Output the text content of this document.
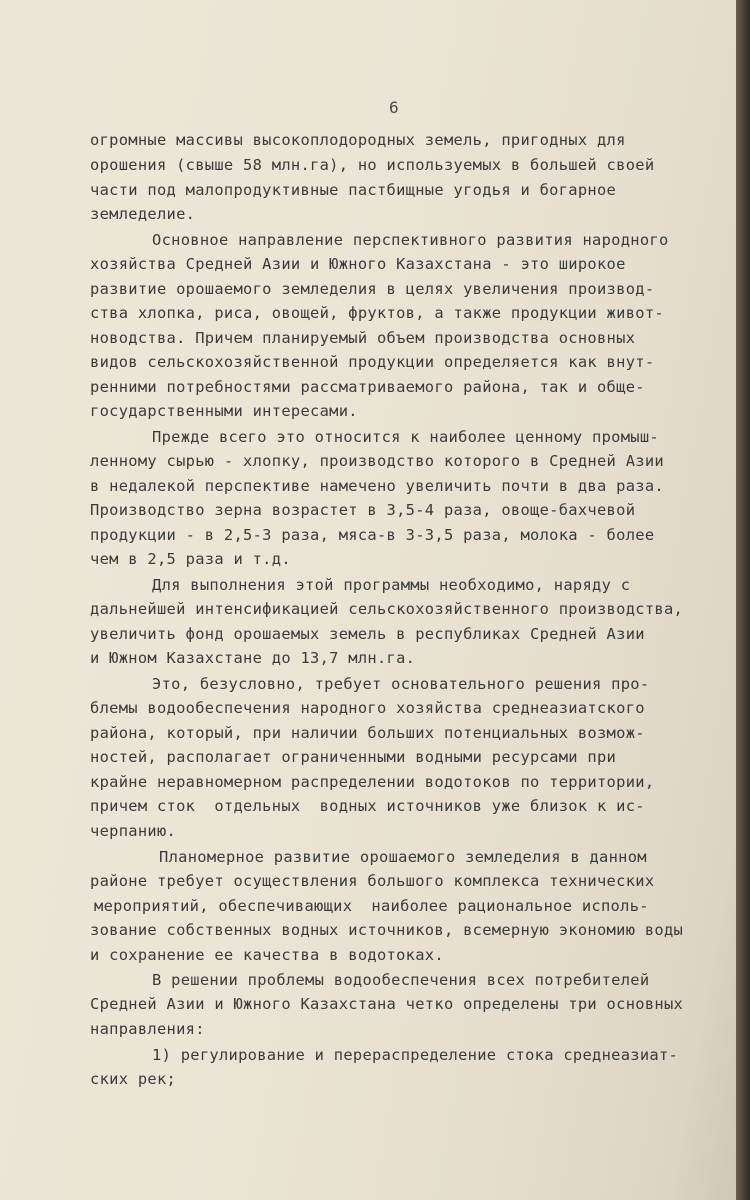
6
огромные массивы высокоплодородных земель, пригодных для
орошения (свыше 58 млн.га), но используемых в большей своей
части под малопродуктивные пастбищные угодья и богарное
земледелие.
Основное направление перспективного развития народного
хозяйства Средней Азии и Южного Казахстана - это широкое
развитие орошаемого земледелия в целях увеличения производ-
ства хлопка, риса, овощей, фруктов, а также продукции живот-
новодства. Причем планируемый объем производства основных
видов сельскохозяйственной продукции определяется как внут-
ренними потребностями рассматриваемого района, так и обще-
государственными интересами.
Прежде всего это относится к наиболее ценному промыш-
ленному сырью - хлопку, производство которого в Средней Азии
в недалекой перспективе намечено увеличить почти в два раза.
Производство зерна возрастет в 3,5-4 раза, овоще-бахчевой
продукции - в 2,5-3 раза, мяса-в 3-3,5 раза, молока - более
чем в 2,5 раза и т.д.
Для выполнения этой программы необходимо, наряду с
дальнейшей интенсификацией сельскохозяйственного производства,
увеличить фонд орошаемых земель в республиках Средней Азии
и Южном Казахстане до 13,7 млн.га.
Это, безусловно, требует основательного решения про-
блемы водообеспечения народного хозяйства среднеазиатского
района, который, при наличии больших потенциальных возмож-
ностей, располагает ограниченными водными ресурсами при
крайне неравномерном распределении водотоков по территории,
причем сток  отдельных  водных источников уже близок к ис-
черпанию.
Планомерное развитие орошаемого земледелия в данном
районе требует осуществления большого комплекса технических
мероприятий, обеспечивающих  наиболее рациональное исполь-
зование собственных водных источников, всемерную экономию воды
и сохранение ее качества в водотоках.
В решении проблемы водообеспечения всех потребителей
Средней Азии и Южного Казахстана четко определены три основных
направления:
1) регулирование и перераспределение стока среднеазиат-
ских рек;
